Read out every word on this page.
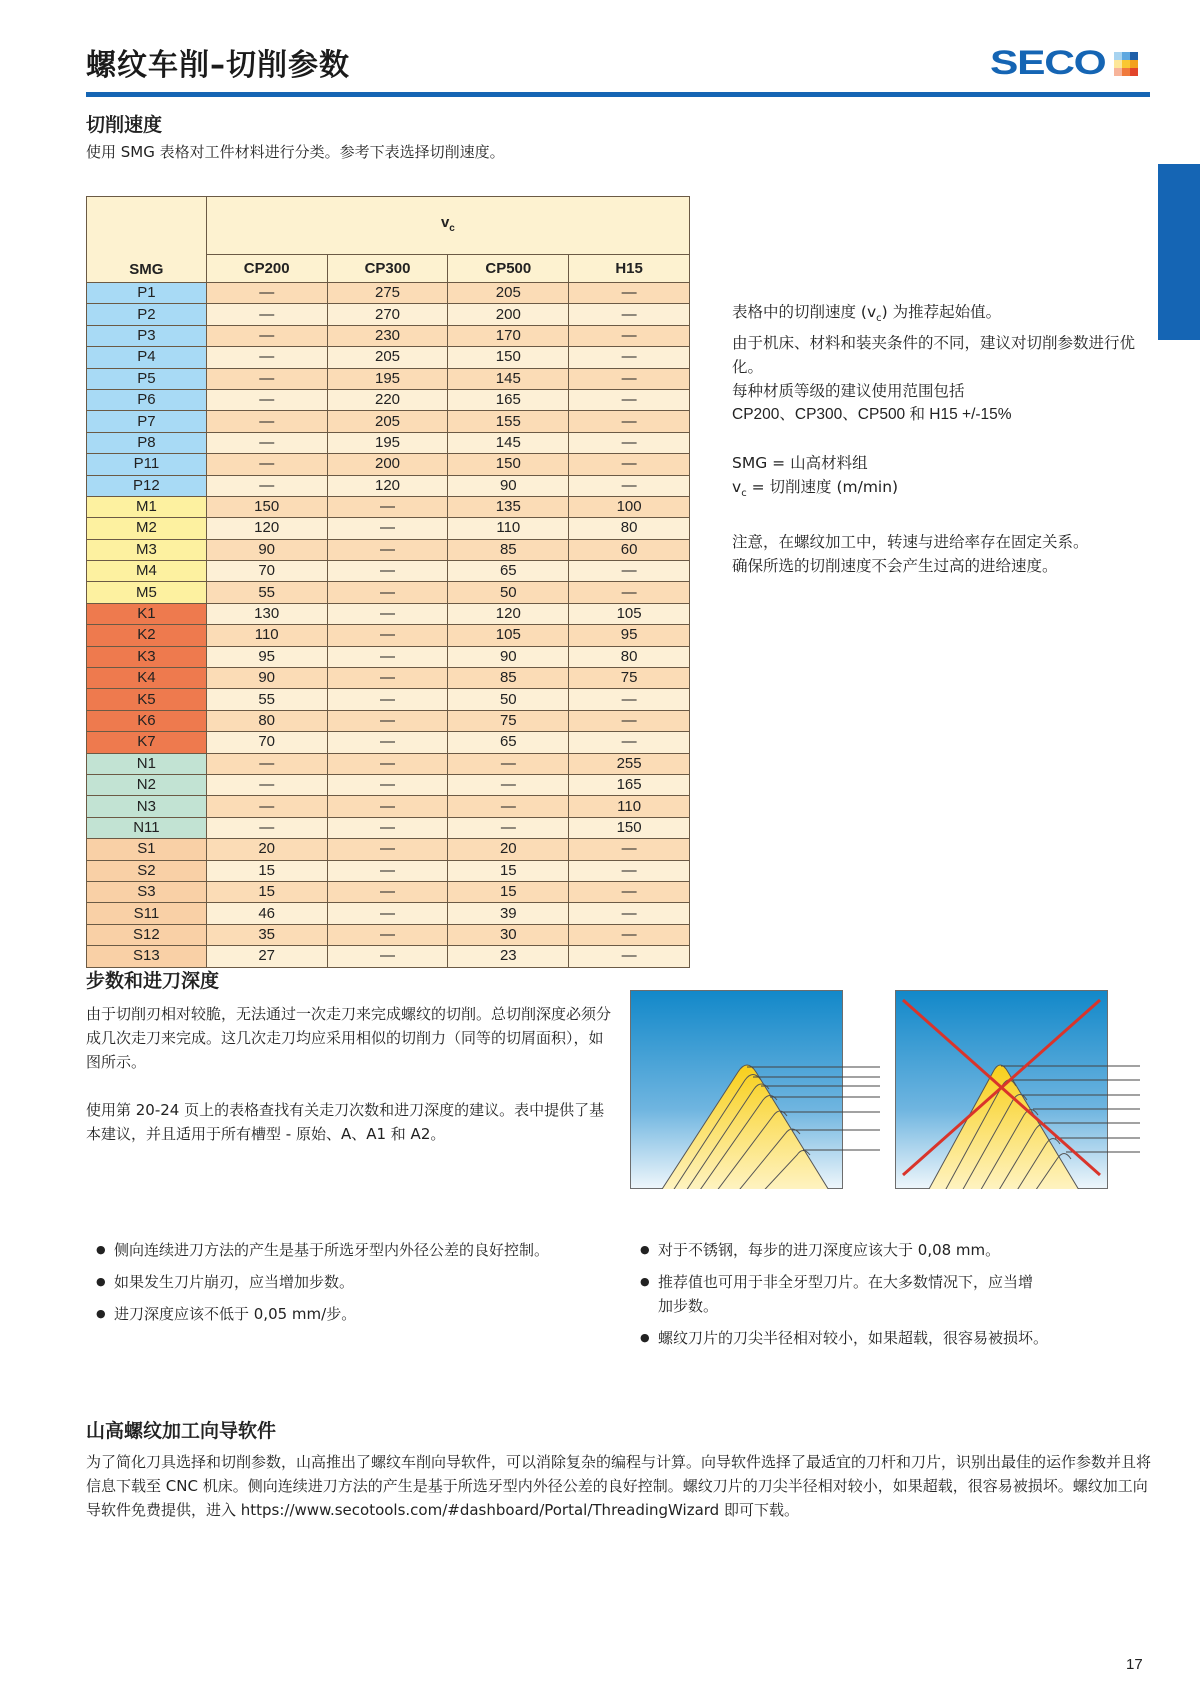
螺纹车削–切削参数	SECO
切削速度
使用 SMG 表格对工件材料进行分类。参考下表选择切削速度。
SMG	$v_c$
	CP200	CP300	CP500	H15
P1	—	275	205	—
P2	—	270	200	—
P3	—	230	170	—
P4	—	205	150	—
P5	—	195	145	—
P6	—	220	165	—
P7	—	205	155	—
P8	—	195	145	—
P11	—	200	150	—
P12	—	120	90	—
M1	150	—	135	100
M2	120	—	110	80
M3	90	—	85	60
M4	70	—	65	—
M5	55	—	50	—
K1	130	—	120	105
K2	110	—	105	95
K3	95	—	90	80
K4	90	—	85	75
K5	55	—	50	—
K6	80	—	75	—
K7	70	—	65	—
N1	—	—	—	255
N2	—	—	—	165
N3	—	—	—	110
N11	—	—	—	150
S1	20	—	20	—
S2	15	—	15	—
S3	15	—	15	—
S11	46	—	39	—
S12	35	—	30	—
S13	27	—	23	—
表格中的切削速度 $(v_c)$ 为推荐起始值。
由于机床、材料和装夹条件的不同，建议对切削参数进行优化。
每种材质等级的建议使用范围包括
CP200、CP300、CP500 和 H15 +/-15%
SMG = 山高材料组
$v_c$ = 切削速度 (m/min)
注意，在螺纹加工中，转速与进给率存在固定关系。
确保所选的切削速度不会产生过高的进给速度。
步数和进刀深度
由于切削刃相对较脆，无法通过一次走刀来完成螺纹的切削。总切削深度必须分成几次走刀来完成。这几次走刀均应采用相似的切削力（同等的切屑面积），如图所示。
使用第 20-24 页上的表格查找有关走刀次数和进刀深度的建议。表中提供了基本建议，并且适用于所有槽型 - 原始、A、A1 和 A2。
● 侧向连续进刀方法的产生是基于所选牙型内外径公差的良好控制。
● 如果发生刀片崩刃，应当增加步数。
● 进刀深度应该不低于 0,05 mm/步。
● 对于不锈钢，每步的进刀深度应该大于 0,08 mm。
● 推荐值也可用于非全牙型刀片。在大多数情况下，应当增加步数。
● 螺纹刀片的刀尖半径相对较小，如果超载，很容易被损坏。
山高螺纹加工向导软件
为了简化刀具选择和切削参数，山高推出了螺纹车削向导软件，可以消除复杂的编程与计算。向导软件选择了最适宜的刀杆和刀片，识别出最佳的运作参数并且将信息下载至 CNC 机床。侧向连续进刀方法的产生是基于所选牙型内外径公差的良好控制。螺纹刀片的刀尖半径相对较小，如果超载，很容易被损坏。螺纹加工向导软件免费提供，进入 https://www.secotools.com/#dashboard/Portal/ThreadingWizard 即可下载。
17
